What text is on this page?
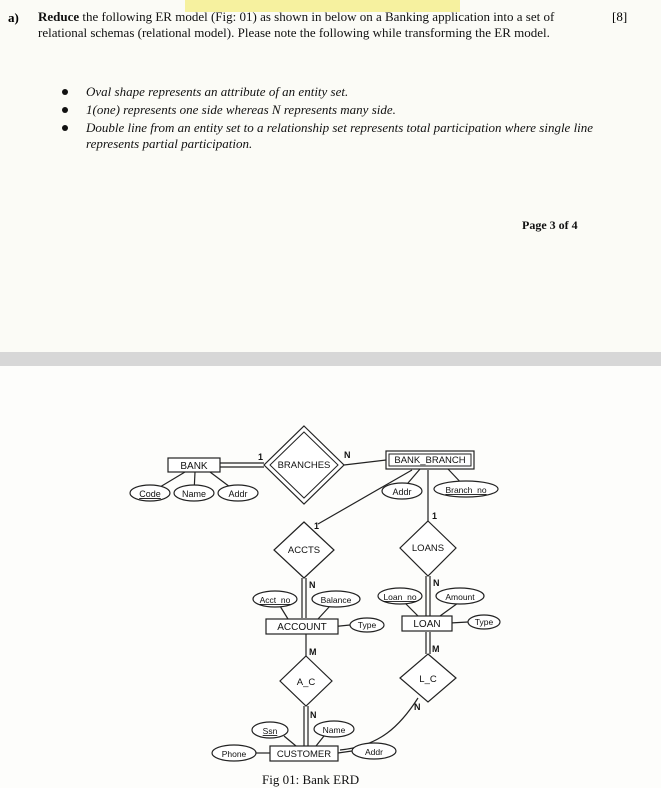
a) Reduce the following ER model (Fig: 01) as shown in below on a Banking application into a set of relational schemas (relational model). Please note the following while transforming the ER model.
[8]
Oval shape represents an attribute of an entity set.
1(one) represents one side whereas N represents many side.
Double line from an entity set to a relationship set represents total participation where single line represents partial participation.
Page 3 of 4
BANK
BANK_BRANCH
ACCOUNT	LOAN
CUSTOMER
BRANCHES
ACCTS	LOANS
A_C	L_C
Code Name Addr	Addr	Branch_no
Acct_no	Balance
Type
Loan_no	Amount
Type
Ssn	Name
Phone	Addr
1	N
1
N
1
N
M
N
M
N
Fig 01: Bank ERD
